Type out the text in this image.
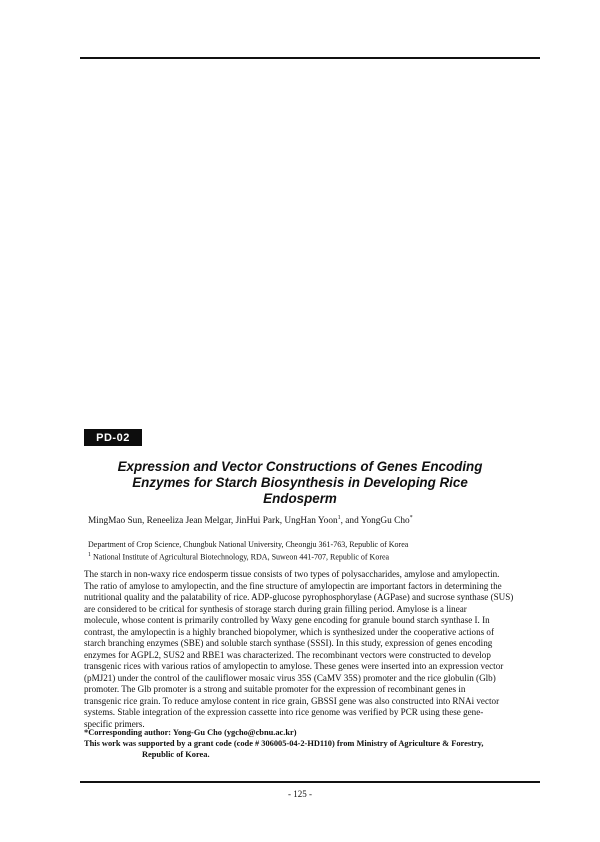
PD-02
Expression and Vector Constructions of Genes Encoding
Enzymes for Starch Biosynthesis in Developing Rice
Endosperm

MingMao Sun, Reneeliza Jean Melgar, JinHui Park, UngHan Yoon$^1$, and YongGu Cho*

Department of Crop Science, Chungbuk National University, Cheongju 361-763, Republic of Korea
$^1$ National Institute of Agricultural Biotechnology, RDA, Suweon 441-707, Republic of Korea

The starch in non-waxy rice endosperm tissue consists of two types of polysaccharides, amylose and amylopectin.
The ratio of amylose to amylopectin, and the fine structure of amylopectin are important factors in determining the
nutritional quality and the palatability of rice. ADP-glucose pyrophosphorylase (AGPase) and sucrose synthase (SUS)
are considered to be critical for synthesis of storage starch during grain filling period. Amylose is a linear
molecule, whose content is primarily controlled by Waxy gene encoding for granule bound starch synthase I. In
contrast, the amylopectin is a highly branched biopolymer, which is synthesized under the cooperative actions of
starch branching enzymes (SBE) and soluble starch synthase (SSSI). In this study, expression of genes encoding
enzymes for AGPL2, SUS2 and RBE1 was characterized. The recombinant vectors were constructed to develop
transgenic rices with various ratios of amylopectin to amylose. These genes were inserted into an expression vector
(pMJ21) under the control of the cauliflower mosaic virus 35S (CaMV 35S) promoter and the rice globulin (Glb)
promoter. The Glb promoter is a strong and suitable promoter for the expression of recombinant genes in
transgenic rice grain. To reduce amylose content in rice grain, GBSSI gene was also constructed into RNAi vector
systems. Stable integration of the expression cassette into rice genome was verified by PCR using these gene-
specific primers.

*Corresponding author: Yong-Gu Cho (ygcho@cbnu.ac.kr)
This work was supported by a grant code (code # 306005-04-2-HD110) from Ministry of Agriculture & Forestry,
Republic of Korea.

- 125 -
